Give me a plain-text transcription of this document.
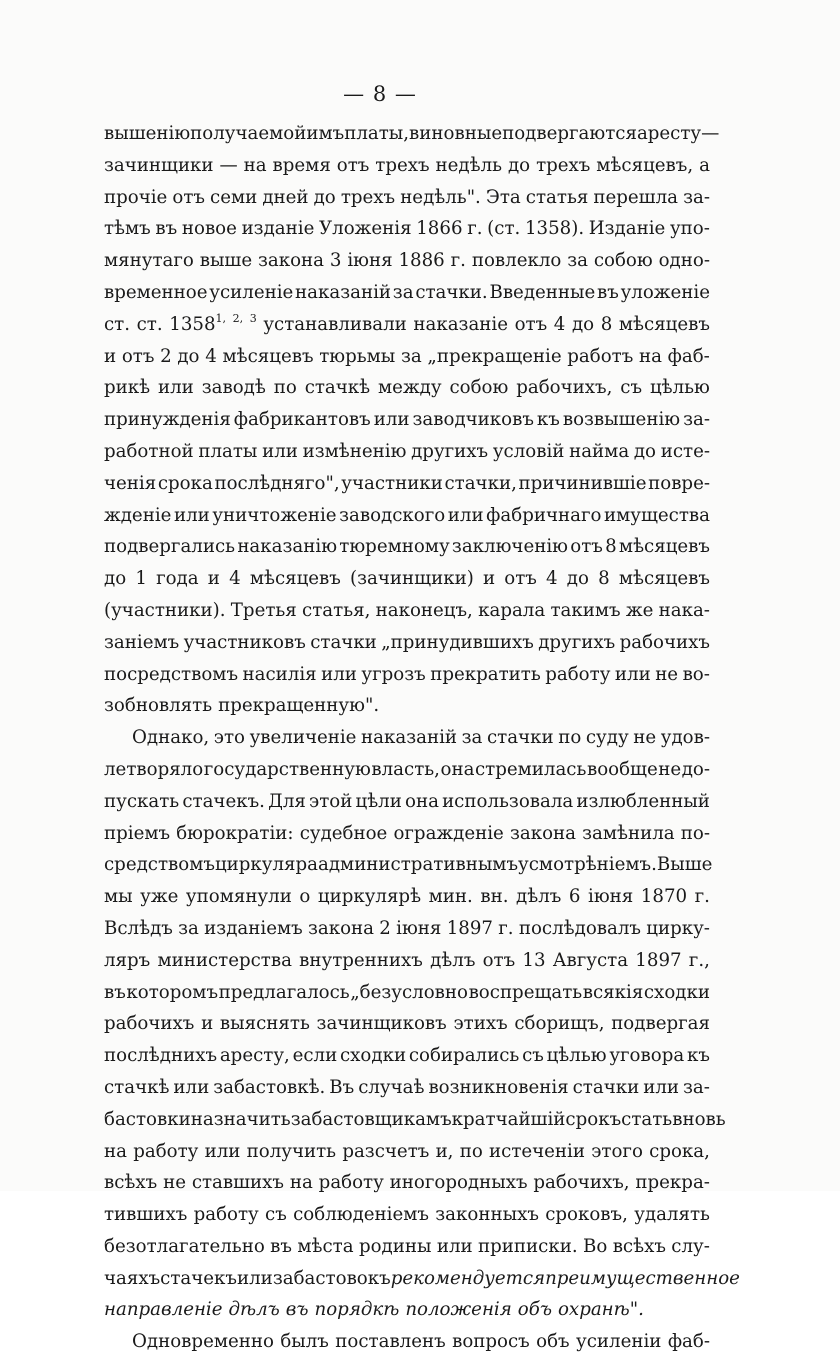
— 8 —
вышенію получаемой имъ платы, виновные подвергаются аресту—
зачинщики — на время отъ трехъ недѣль до трехъ мѣсяцевъ, а
прочіе отъ семи дней до трехъ недѣль". Эта статья перешла за-
тѣмъ въ новое изданіе Уложенія 1866 г. (ст. 1358). Изданіе упо-
мянутаго выше закона 3 іюня 1886 г. повлекло за собою одно-
временное усиленіе наказаній за стачки. Введенные въ уложеніе
ст. ст. $1358^{1,}$ $^{2,}$ $^3$ устанавливали наказаніе отъ 4 до 8 мѣсяцевъ
и отъ 2 до 4 мѣсяцевъ тюрьмы за „прекращеніе работъ на фаб-
рикѣ или заводѣ по стачкѣ между собою рабочихъ, съ цѣлью
принужденія фабрикантовъ или заводчиковъ къ возвышенію за-
работной платы или измѣненію другихъ условій найма до исте-
ченія срока послѣдняго", участники стачки, причинившіе повре-
жденіе или уничтоженіе заводского или фабричнаго имущества
подвергались наказанію тюремному заключенію отъ 8 мѣсяцевъ
до 1 года и 4 мѣсяцевъ (зачинщики) и отъ 4 до 8 мѣсяцевъ
(участники). Третья статья, наконецъ, карала такимъ же нака-
заніемъ участниковъ стачки „принудившихъ другихъ рабочихъ
посредствомъ насилія или угрозъ прекратить работу или не во-
зобновлять прекращенную".
Однако, это увеличеніе наказаній за стачки по суду не удов-
летворяло государственную власть, она стремилась вообще не до-
пускать стачекъ. Для этой цѣли она использовала излюбленный
пріемъ бюрократіи: судебное огражденіе закона замѣнила по-
средствомъ циркуляра административнымъ усмотрѣніемъ. Выше
мы уже упомянули о циркулярѣ мин. вн. дѣлъ 6 іюня 1870 г.
Вслѣдъ за изданіемъ закона 2 іюня 1897 г. послѣдовалъ цирку-
ляръ министерства внутреннихъ дѣлъ отъ 13 Августа 1897 г.,
въ которомъ предлагалось „безусловно воспрещать всякія сходки
рабочихъ и выяснять зачинщиковъ этихъ сборищъ, подвергая
послѣднихъ аресту, если сходки собирались съ цѣлью уговора къ
стачкѣ или забастовкѣ. Въ случаѣ возникновенія стачки или за-
бастовки назначить забастовщикамъ кратчайшій срокъ стать вновь
на работу или получить разсчетъ и, по истеченіи этого срока,
всѣхъ не ставшихъ на работу иногородныхъ рабочихъ, прекра-
тившихъ работу съ соблюденіемъ законныхъ сроковъ, удалять
безотлагательно въ мѣста родины или приписки. Во всѣхъ слу-
чаяхъ стачекъ или забастовокъ рекомендуется преимущественное
направленіе дѣлъ въ порядкѣ положенія объ охранѣ".
Одновременно былъ поставленъ вопросъ объ усиленіи фаб-
